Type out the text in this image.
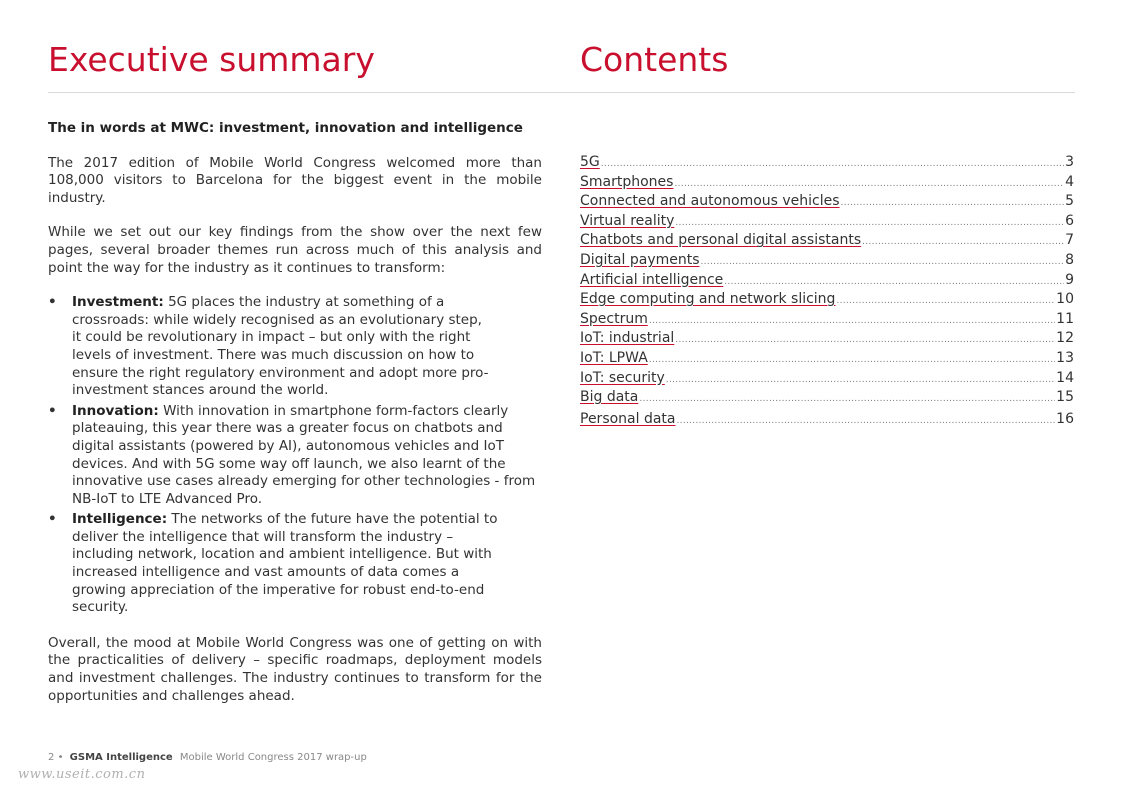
Executive summary	Contents

The in words at MWC: investment, innovation and intelligence

The 2017 edition of Mobile World Congress welcomed more than 108,000 visitors to Barcelona for the biggest event in the mobile industry.

While we set out our key findings from the show over the next few pages, several broader themes run across much of this analysis and point the way for the industry as it continues to transform:

• Investment: 5G places the industry at something of a crossroads: while widely recognised as an evolutionary step, it could be revolutionary in impact – but only with the right levels of investment. There was much discussion on how to ensure the right regulatory environment and adopt more pro-investment stances around the world.
• Innovation: With innovation in smartphone form-factors clearly plateauing, this year there was a greater focus on chatbots and digital assistants (powered by AI), autonomous vehicles and IoT devices. And with 5G some way off launch, we also learnt of the innovative use cases already emerging for other technologies - from NB-IoT to LTE Advanced Pro.
• Intelligence: The networks of the future have the potential to deliver the intelligence that will transform the industry – including network, location and ambient intelligence. But with increased intelligence and vast amounts of data comes a growing appreciation of the imperative for robust end-to-end security.

Overall, the mood at Mobile World Congress was one of getting on with the practicalities of delivery – specific roadmaps, deployment models and investment challenges. The industry continues to transform for the opportunities and challenges ahead.

5G .....	3
Smartphones .....	4
Connected and autonomous vehicles .....	5
Virtual reality .....	6
Chatbots and personal digital assistants .....	7
Digital payments .....	8
Artificial intelligence .....	9
Edge computing and network slicing .....	10
Spectrum .....	11
IoT: industrial .....	12
IoT: LPWA .....	13
IoT: security .....	14
Big data .....	15
Personal data .....	16
2 • GSMA Intelligence Mobile World Congress 2017 wrap-up
www.useit.com.cn
